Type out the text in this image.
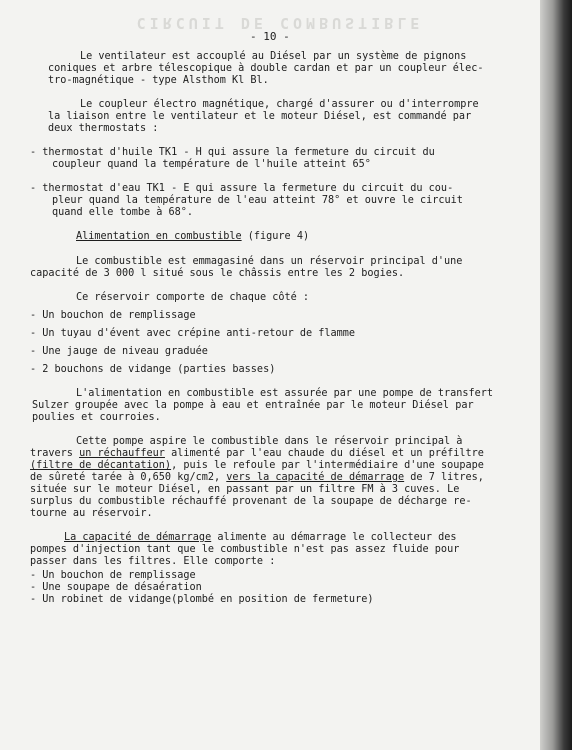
CIRCUIT DE COMBUSTIBLE
- 10 -
Le ventilateur est accouplé au Diésel par un système de pignons
coniques et arbre télescopique à double cardan et par un coupleur élec-
tro-magnétique - type Alsthom Kl Bl.
Le coupleur électro magnétique, chargé d'assurer ou d'interrompre
la liaison entre le ventilateur et le moteur Diésel, est commandé par
deux thermostats :
- thermostat d'huile TK1 - H qui assure la fermeture du circuit du
coupleur quand la température de l'huile atteint 65°
- thermostat d'eau TK1 - E qui assure la fermeture du circuit du cou-
pleur quand la température de l'eau atteint 78° et ouvre le circuit
quand elle tombe à 68°.
Alimentation en combustible (figure 4)
Le combustible est emmagasiné dans un réservoir principal d'une
capacité de 3 000 l situé sous le châssis entre les 2 bogies.
Ce réservoir comporte de chaque côté :
- Un bouchon de remplissage
- Un tuyau d'évent avec crépine anti-retour de flamme
- Une jauge de niveau graduée
- 2 bouchons de vidange (parties basses)
L'alimentation en combustible est assurée par une pompe de transfert
Sulzer groupée avec la pompe à eau et entraînée par le moteur Diésel par
poulies et courroies.
Cette pompe aspire le combustible dans le réservoir principal à
travers un réchauffeur alimenté par l'eau chaude du diésel et un préfiltre
(filtre de décantation), puis le refoule par l'intermédiaire d'une soupape
de sûreté tarée à 0,650 kg/cm2, vers la capacité de démarrage de 7 litres,
située sur le moteur Diésel, en passant par un filtre FM à 3 cuves. Le
surplus du combustible réchauffé provenant de la soupape de décharge re-
tourne au réservoir.
La capacité de démarrage alimente au démarrage le collecteur des
pompes d'injection tant que le combustible n'est pas assez fluide pour
passer dans les filtres. Elle comporte :
- Un bouchon de remplissage
- Une soupape de désaération
- Un robinet de vidange(plombé en position de fermeture)
